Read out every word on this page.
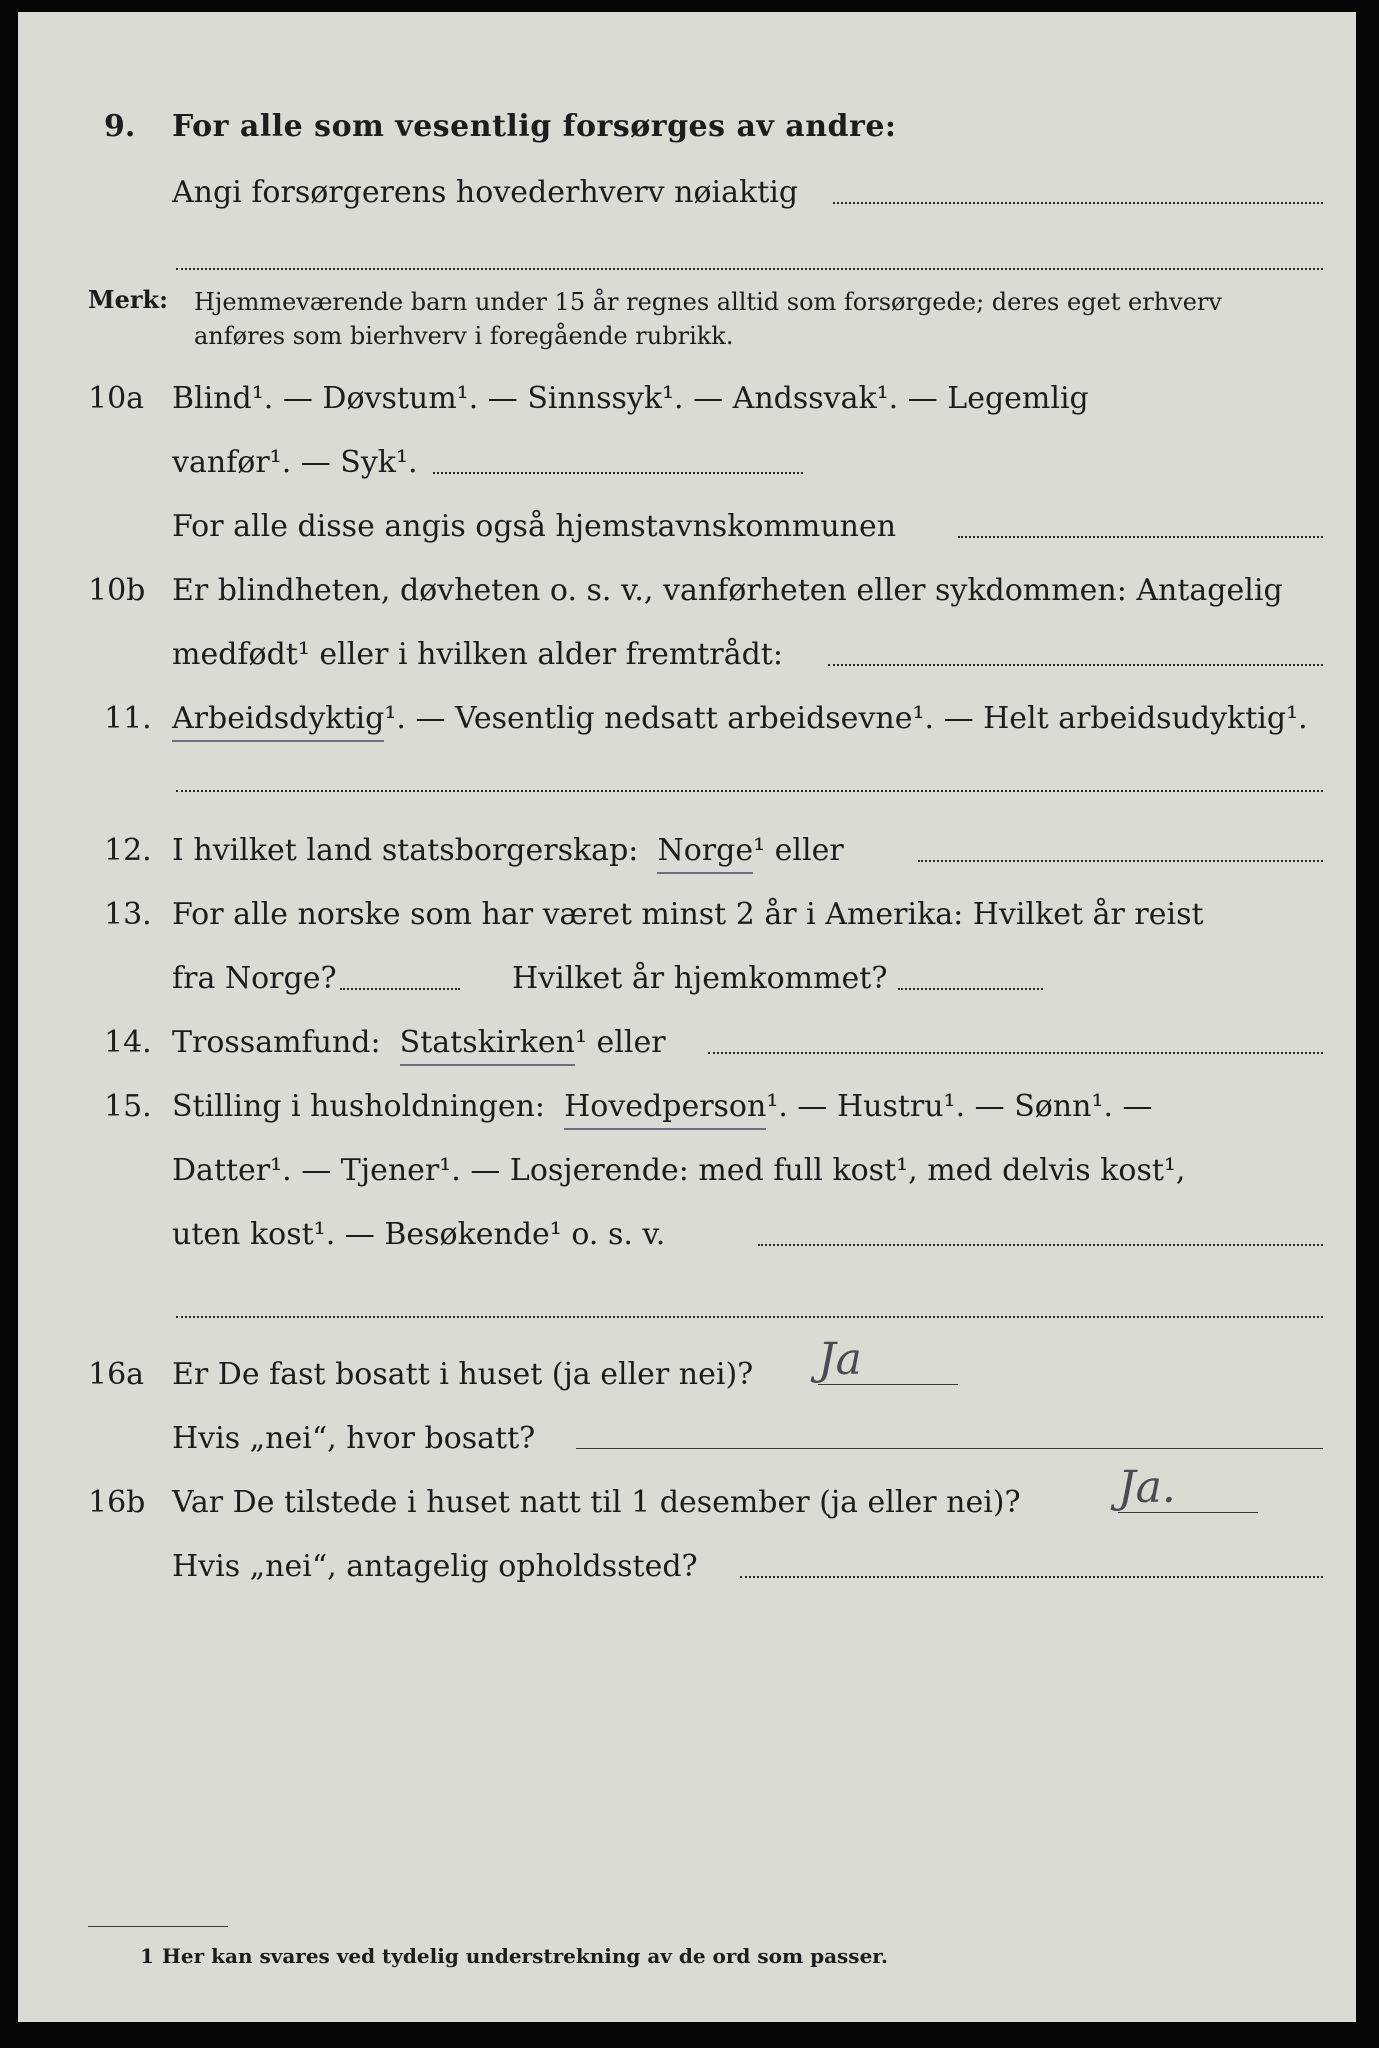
9. For alle som vesentlig forsørges av andre:
Angi forsørgerens hovederhverv nøiaktig
Merk: Hjemmeværende barn under 15 år regnes alltid som forsørgede; deres eget erhverv
anføres som bierhverv i foregående rubrikk.
10a Blind¹. — Døvstum¹. — Sinnssyk¹. — Andssvak¹. — Legemlig
vanfør¹. — Syk¹.
For alle disse angis også hjemstavnskommunen
10b Er blindheten, døvheten o. s. v., vanførheten eller sykdommen: Antagelig
medfødt¹ eller i hvilken alder fremtrådt:
11. Arbeidsdyktig¹. — Vesentlig nedsatt arbeidsevne¹. — Helt arbeidsudyktig¹.
12. I hvilket land statsborgerskap: Norge¹ eller
13. For alle norske som har været minst 2 år i Amerika: Hvilket år reist
fra Norge?	Hvilket år hjemkommet?
14. Trossamfund: Statskirken¹ eller
15. Stilling i husholdningen: Hovedperson¹. — Hustru¹. — Sønn¹. —
Datter¹. — Tjener¹. — Losjerende: med full kost¹, med delvis kost¹,
uten kost¹. — Besøkende¹ o. s. v.
16a Er De fast bosatt i huset (ja eller nei)? Ja
Hvis „nei“, hvor bosatt?
16b Var De tilstede i huset natt til 1 desember (ja eller nei)? Ja.
Hvis „nei“, antagelig opholdssted?
1 Her kan svares ved tydelig understrekning av de ord som passer.
